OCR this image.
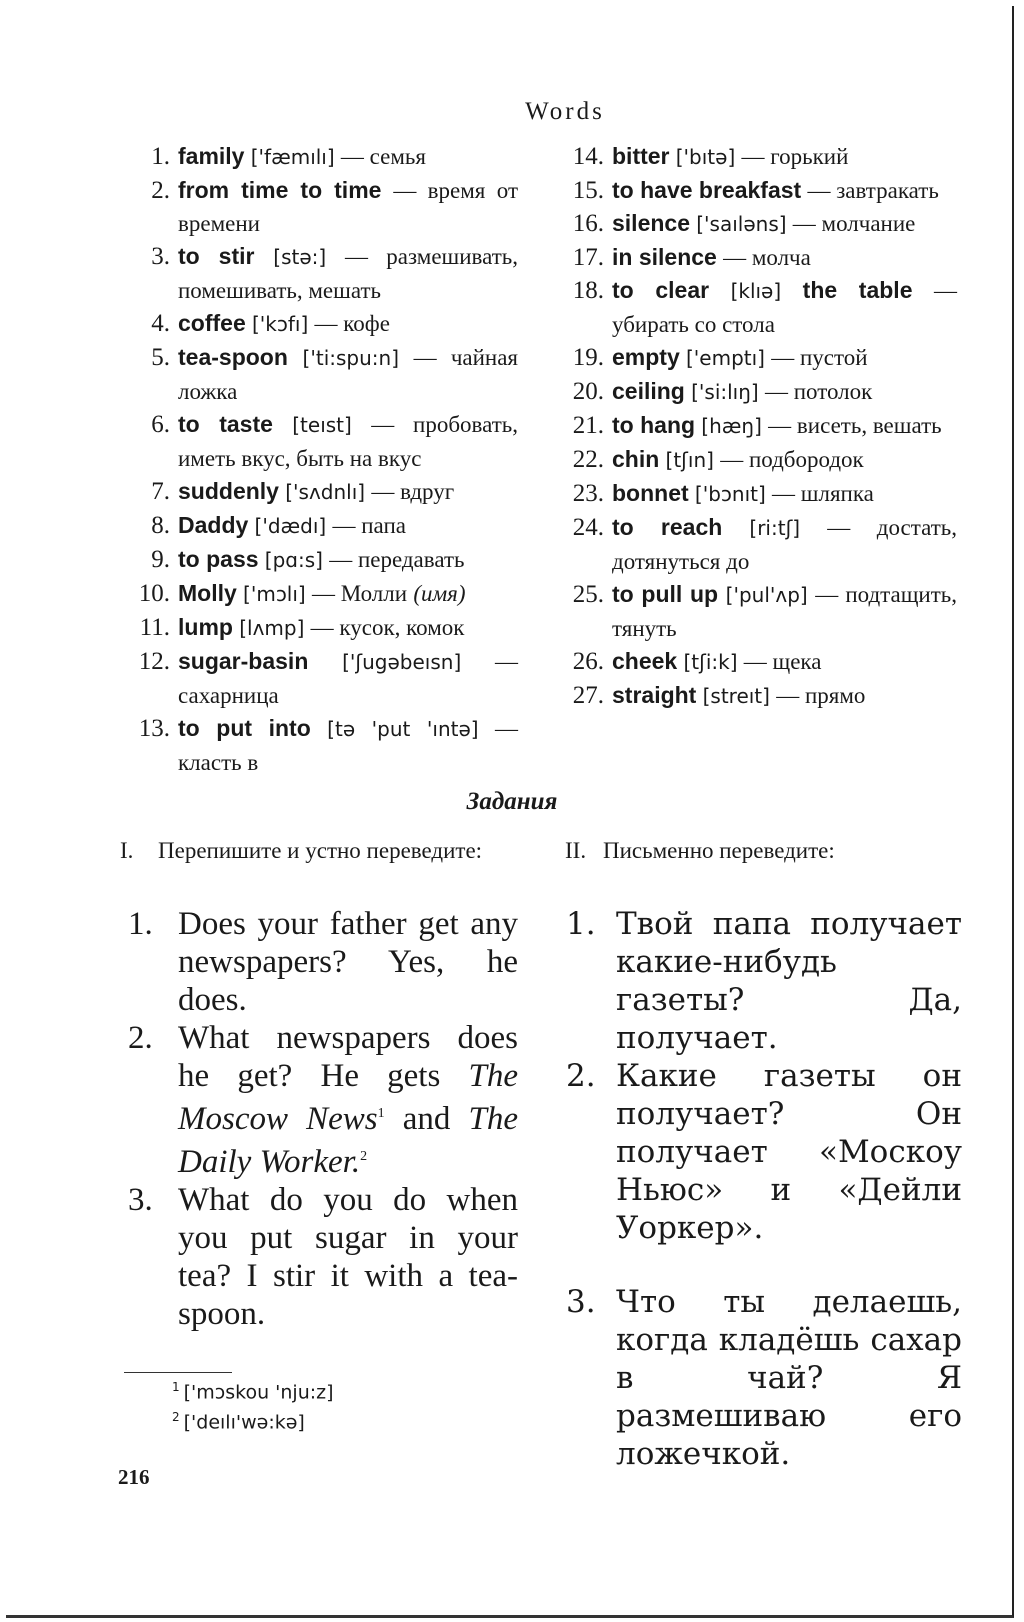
Words
1. family ['fæmılı] — семья
2. from time to time — время от времени
3. to stir [stə:] — размешивать, помешивать, мешать
4. coffee ['kɔfı] — кофе
5. tea-spoon ['ti:spu:n] — чайная ложка
6. to taste [teıst] — пробовать, иметь вкус, быть на вкус
7. suddenly ['sʌdnlı] — вдруг
8. Daddy ['dædı] — папа
9. to pass [pɑ:s] — передавать
10. Molly ['mɔlı] — Молли (имя)
11. lump [lʌmp] — кусок, комок
12. sugar-basin ['ʃugəbeısn] — сахарница
13. to put into [tə 'put 'ıntə] — класть в
14. bitter ['bıtə] — горький
15. to have breakfast — завтракать
16. silence ['saıləns] — молчание
17. in silence — молча
18. to clear [klıə] the table — убирать со стола
19. empty ['emptı] — пустой
20. ceiling ['si:lıŋ] — потолок
21. to hang [hæŋ] — висеть, вешать
22. chin [tʃın] — подбородок
23. bonnet ['bɔnıt] — шляпка
24. to reach [ri:tʃ] — достать, дотянуться до
25. to pull up ['pul'ʌp] — подтащить, тянуть
26. cheek [tʃi:k] — щека
27. straight [streıt] — прямо
Задания
I. Перепишите и устно переведите:	II. Письменно переведите:
1. Does your father get any newspapers? Yes, he does.
2. What newspapers does he get? He gets The Moscow News$^1$ and The Daily Worker.$^2$
3. What do you do when you put sugar in your tea? I stir it with a tea-spoon.
1. Твой папа получает какие-нибудь газеты? Да, получает.
2. Какие газеты он получает? Он получает «Москоу Ньюс» и «Дейли Уоркер».
3. Что ты делаешь, когда кладёшь сахар в чай? Я размешиваю его ложечкой.
$^1$ ['mɔskou 'nju:z]
$^2$ ['deılı'wə:kə]
216
